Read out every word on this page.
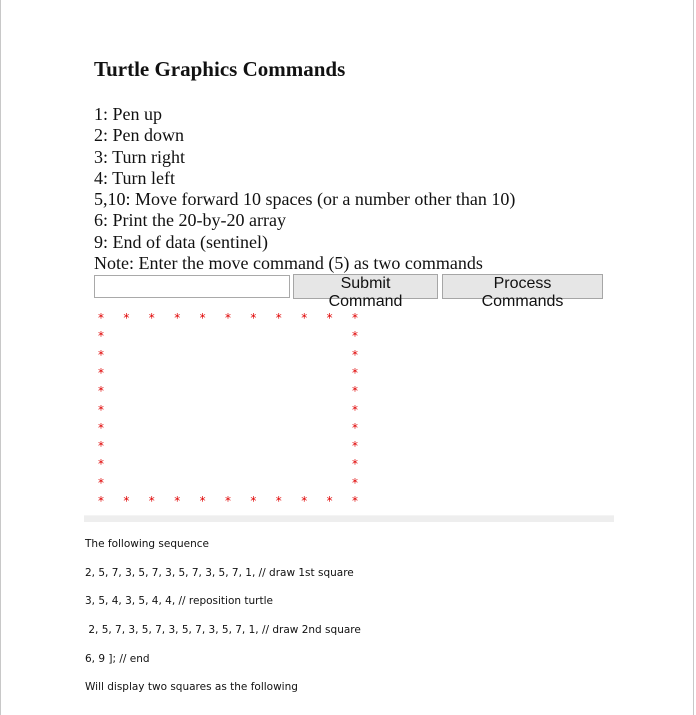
Turtle Graphics Commands
1: Pen up
2: Pen down
3: Turn right
4: Turn left
5,10: Move forward 10 spaces (or a number other than 10)
6: Print the 20-by-20 array
9: End of data (sentinel)
Note: Enter the move command (5) as two commands
Submit Command
Process Commands
* * * * * * * * * * *
*	*
*	*
*	*
*	*
*	*
*	*
*	*
*	*
*	*
* * * * * * * * * * *

The following sequence

2, 5, 7, 3, 5, 7, 3, 5, 7, 3, 5, 7, 1, // draw 1st square

3, 5, 4, 3, 5, 4, 4, // reposition turtle

2, 5, 7, 3, 5, 7, 3, 5, 7, 3, 5, 7, 1, // draw 2nd square

6, 9 ]; // end

Will display two squares as the following
